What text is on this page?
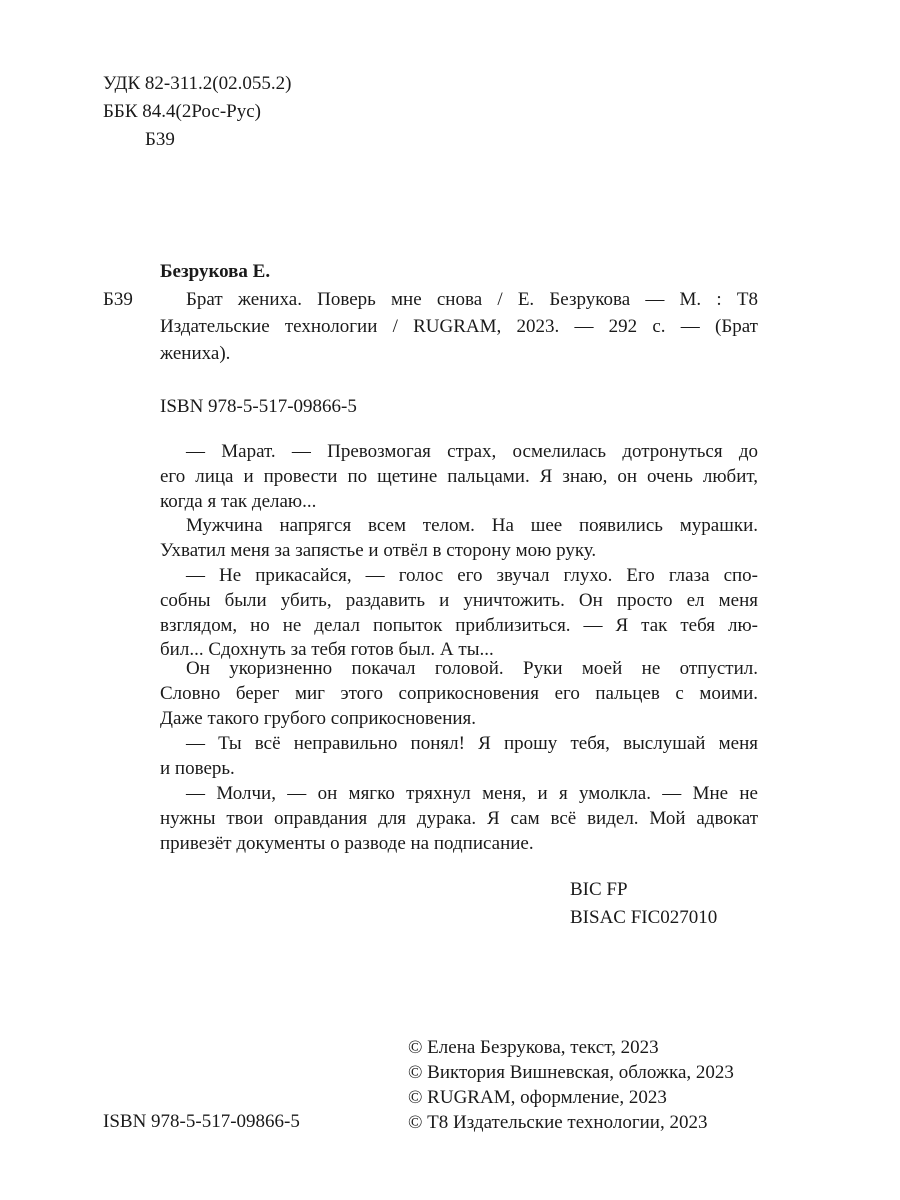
УДК 82-311.2(02.055.2)
ББК 84.4(2Рос-Рус)
Б39
Безрукова Е.
Б39	Брат жениха. Поверь мне снова / Е. Безрукова — М. : Т8
Издательские технологии / RUGRAM, 2023. — 292 с. — (Брат
жениха).
ISBN 978-5-517-09866-5

— Марат. — Превозмогая страх, осмелилась дотронуться до

его лица и провести по щетине пальцами. Я знаю, он очень любит,
когда я так делаю...
Мужчина напрягся всем телом. На шее появились мурашки.
Ухватил меня за запястье и отвёл в сторону мою руку.
— Не прикасайся, — голос его звучал глухо. Его глаза спо-
собны были убить, раздавить и уничтожить. Он просто ел меня
взглядом, но не делал попыток приблизиться. — Я так тебя лю-
бил... Сдохнуть за тебя готов был. А ты...
Он укоризненно покачал головой. Руки моей не отпустил.
Словно берег миг этого соприкосновения его пальцев с моими.
Даже такого грубого соприкосновения.
— Ты всё неправильно понял! Я прошу тебя, выслушай меня
и поверь.
— Молчи, — он мягко тряхнул меня, и я умолкла. — Мне не
нужны твои оправдания для дурака. Я сам всё видел. Мой адвокат
привезёт документы о разводе на подписание.
BIC FP
BISAC FIC027010
ISBN 978-5-517-09866-5
© Елена Безрукова, текст, 2023
© Виктория Вишневская, обложка, 2023
© RUGRAM, оформление, 2023
© Т8 Издательские технологии, 2023
